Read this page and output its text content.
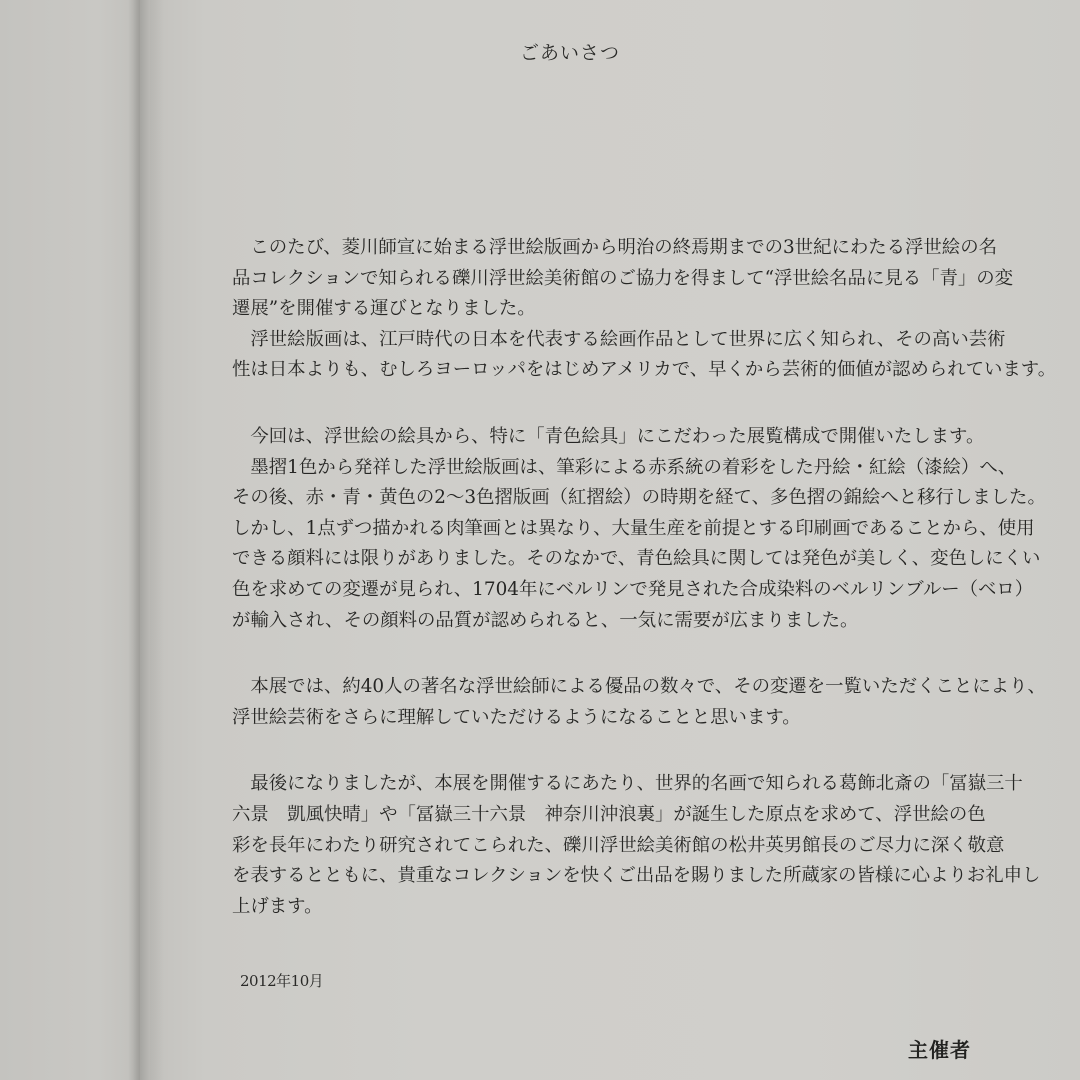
ごあいさつ

このたび、菱川師宣に始まる浮世絵版画から明治の終焉期までの3世紀にわたる浮世絵の名
品コレクションで知られる礫川浮世絵美術館のご協力を得まして“浮世絵名品に見る「青」の変
遷展”を開催する運びとなりました。

浮世絵版画は、江戸時代の日本を代表する絵画作品として世界に広く知られ、その高い芸術
性は日本よりも、むしろヨーロッパをはじめアメリカで、早くから芸術的価値が認められています。

今回は、浮世絵の絵具から、特に「青色絵具」にこだわった展覧構成で開催いたします。

墨摺1色から発祥した浮世絵版画は、筆彩による赤系統の着彩をした丹絵・紅絵（漆絵）へ、
その後、赤・青・黄色の2〜3色摺版画（紅摺絵）の時期を経て、多色摺の錦絵へと移行しました。
しかし、1点ずつ描かれる肉筆画とは異なり、大量生産を前提とする印刷画であることから、使用
できる顔料には限りがありました。そのなかで、青色絵具に関しては発色が美しく、変色しにくい
色を求めての変遷が見られ、1704年にベルリンで発見された合成染料のベルリンブルー（ベロ）
が輸入され、その顔料の品質が認められると、一気に需要が広まりました。

本展では、約40人の著名な浮世絵師による優品の数々で、その変遷を一覧いただくことにより、
浮世絵芸術をさらに理解していただけるようになることと思います。

最後になりましたが、本展を開催するにあたり、世界的名画で知られる葛飾北斎の「冨嶽三十
六景　凱風快晴」や「冨嶽三十六景　神奈川沖浪裏」が誕生した原点を求めて、浮世絵の色
彩を長年にわたり研究されてこられた、礫川浮世絵美術館の松井英男館長のご尽力に深く敬意
を表するとともに、貴重なコレクションを快くご出品を賜りました所蔵家の皆様に心よりお礼申し
上げます。

2012年10月
主催者
